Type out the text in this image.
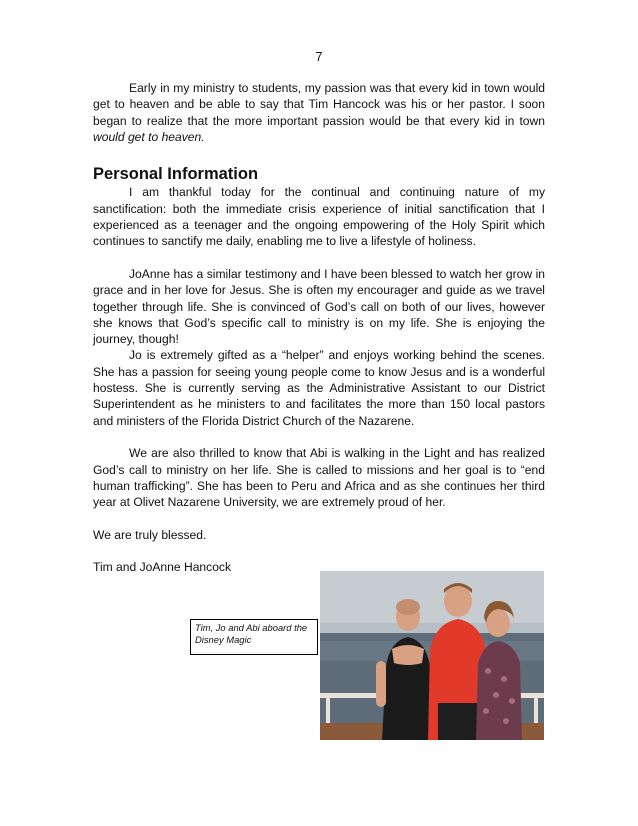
7

Early in my ministry to students, my passion was that every kid in town would get to heaven and be able to say that Tim Hancock was his or her pastor. I soon began to realize that the more important passion would be that every kid in town would get to heaven.

Personal Information

I am thankful today for the continual and continuing nature of my sanctification: both the immediate crisis experience of initial sanctification that I experienced as a teenager and the ongoing empowering of the Holy Spirit which continues to sanctify me daily, enabling me to live a lifestyle of holiness.

JoAnne has a similar testimony and I have been blessed to watch her grow in grace and in her love for Jesus. She is often my encourager and guide as we travel together through life. She is convinced of God’s call on both of our lives, however she knows that God’s specific call to ministry is on my life. She is enjoying the journey, though!

Jo is extremely gifted as a “helper” and enjoys working behind the scenes. She has a passion for seeing young people come to know Jesus and is a wonderful hostess. She is currently serving as the Administrative Assistant to our District Superintendent as he ministers to and facilitates the more than 150 local pastors and ministers of the Florida District Church of the Nazarene.

We are also thrilled to know that Abi is walking in the Light and has realized God’s call to ministry on her life. She is called to missions and her goal is to “end human trafficking”. She has been to Peru and Africa and as she continues her third year at Olivet Nazarene University, we are extremely proud of her.

We are truly blessed.

Tim and JoAnne Hancock

Tim, Jo and Abi aboard the Disney Magic
